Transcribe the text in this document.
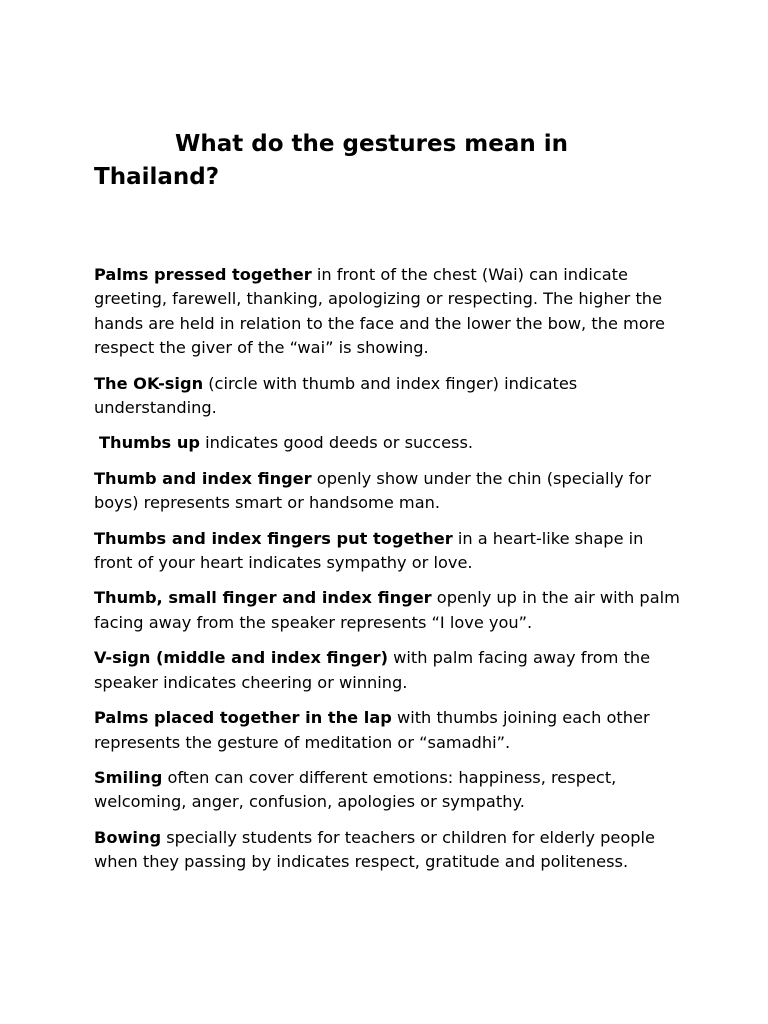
What do the gestures mean in Thailand?

Palms pressed together in front of the chest (Wai) can indicate greeting, farewell, thanking, apologizing or respecting. The higher the hands are held in relation to the face and the lower the bow, the more respect the giver of the “wai” is showing.

The OK-sign (circle with thumb and index finger) indicates understanding.

Thumbs up indicates good deeds or success.

Thumb and index finger openly show under the chin (specially for boys) represents smart or handsome man.

Thumbs and index fingers put together in a heart-like shape in front of your heart indicates sympathy or love.

Thumb, small finger and index finger openly up in the air with palm facing away from the speaker represents “I love you”.

V-sign (middle and index finger) with palm facing away from the speaker indicates cheering or winning.

Palms placed together in the lap with thumbs joining each other represents the gesture of meditation or “samadhi”.

Smiling often can cover different emotions: happiness, respect, welcoming, anger, confusion, apologies or sympathy.

Bowing specially students for teachers or children for elderly people when they passing by indicates respect, gratitude and politeness.
